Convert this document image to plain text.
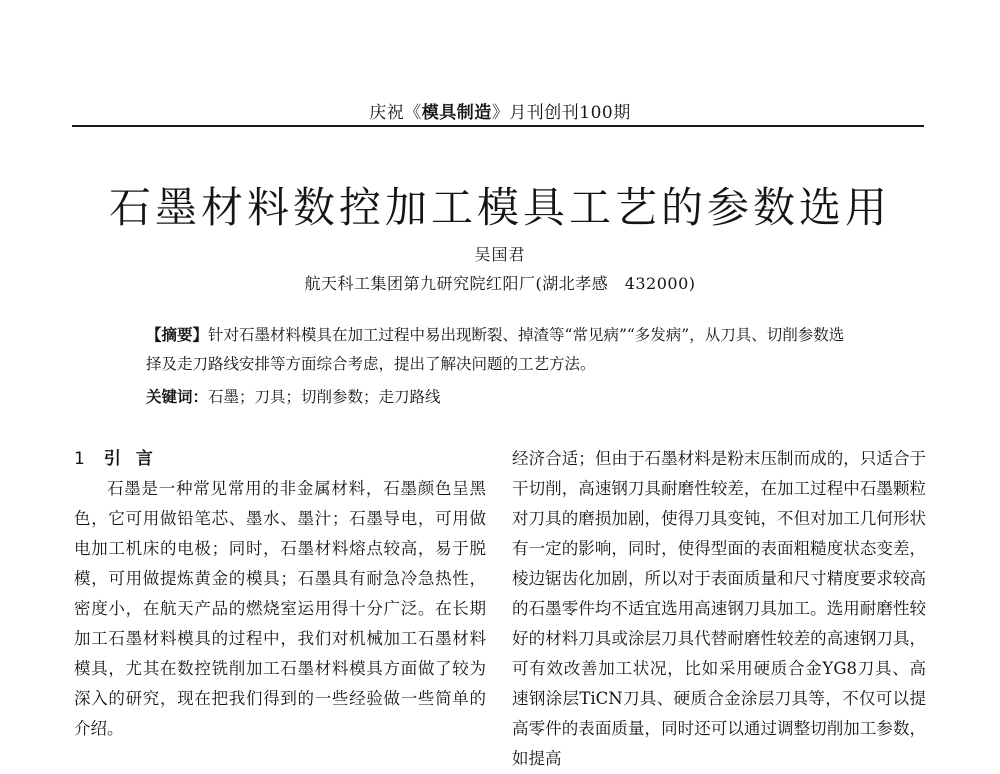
庆祝《模具制造》月刊创刊100期
石墨材料数控加工模具工艺的参数选用
吴国君
航天科工集团第九研究院红阳厂(湖北孝感　432000)
【摘要】针对石墨材料模具在加工过程中易出现断裂、掉渣等“常见病”“多发病”，从刀具、切削参数选择及走刀路线安排等方面综合考虑，提出了解决问题的工艺方法。
关键词：石墨；刀具；切削参数；走刀路线
1 引 言

石墨是一种常见常用的非金属材料，石墨颜色呈黑色，它可用做铅笔芯、墨水、墨汁；石墨导电，可用做电加工机床的电极；同时，石墨材料熔点较高，易于脱模，可用做提炼黄金的模具；石墨具有耐急冷急热性，密度小，在航天产品的燃烧室运用得十分广泛。在长期加工石墨材料模具的过程中，我们对机械加工石墨材料模具，尤其在数控铣削加工石墨材料模具方面做了较为深入的研究，现在把我们得到的一些经验做一些简单的介绍。

经济合适；但由于石墨材料是粉末压制而成的，只适合于干切削，高速钢刀具耐磨性较差，在加工过程中石墨颗粒对刀具的磨损加剧，使得刀具变钝，不但对加工几何形状有一定的影响，同时，使得型面的表面粗糙度状态变差，棱边锯齿化加剧，所以对于表面质量和尺寸精度要求较高的石墨零件均不适宜选用高速钢刀具加工。选用耐磨性较好的材料刀具或涂层刀具代替耐磨性较差的高速钢刀具，可有效改善加工状况，比如采用硬质合金YG8刀具、高速钢涂层TiCN刀具、硬质合金涂层刀具等，不仅可以提高零件的表面质量，同时还可以通过调整切削加工参数，如提高
